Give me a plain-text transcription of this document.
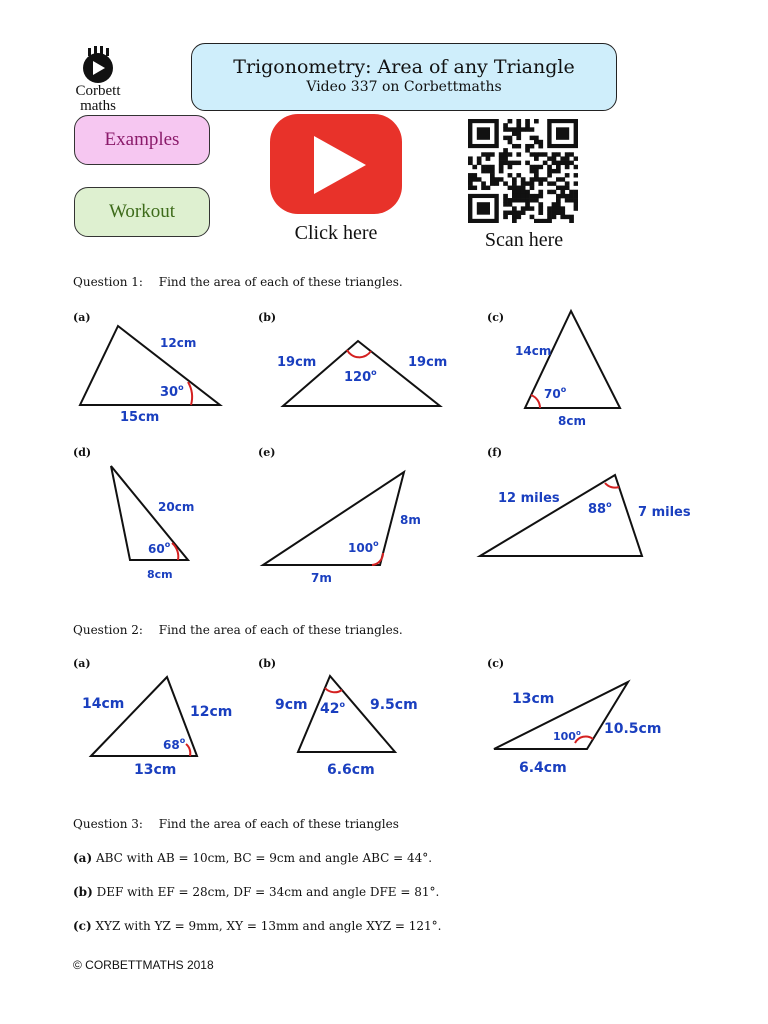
Corbett
maths
Trigonometry: Area of any Triangle
Video 337 on Corbettmaths
Examples
Workout
Click here	Scan here
Question 1: Find the area of each of these triangles.
(a)	(b)	(c)
(d)	(e)	(f)
12cm
15cm
30$^o$
19cm	19cm
120$^o$
14cm
8cm
70$^o$
20cm
8cm
60$^o$
8m
7m
100$^o$
12 miles
7 miles
88$^o$
Question 2: Find the area of each of these triangles.
(a)	(b)	(c)
14cm	12cm
13cm
68$^o$
9cm	9.5cm
6.6cm
42$^o$	13cm
10.5cm
6.4cm
100$^o$
Question 3: Find the area of each of these triangles
(a) ABC with AB = 10cm, BC = 9cm and angle ABC = 44°.
(b) DEF with EF = 28cm, DF = 34cm and angle DFE = 81°.
(c) XYZ with YZ = 9mm, XY = 13mm and angle XYZ = 121°.
© CORBETTMATHS 2018
